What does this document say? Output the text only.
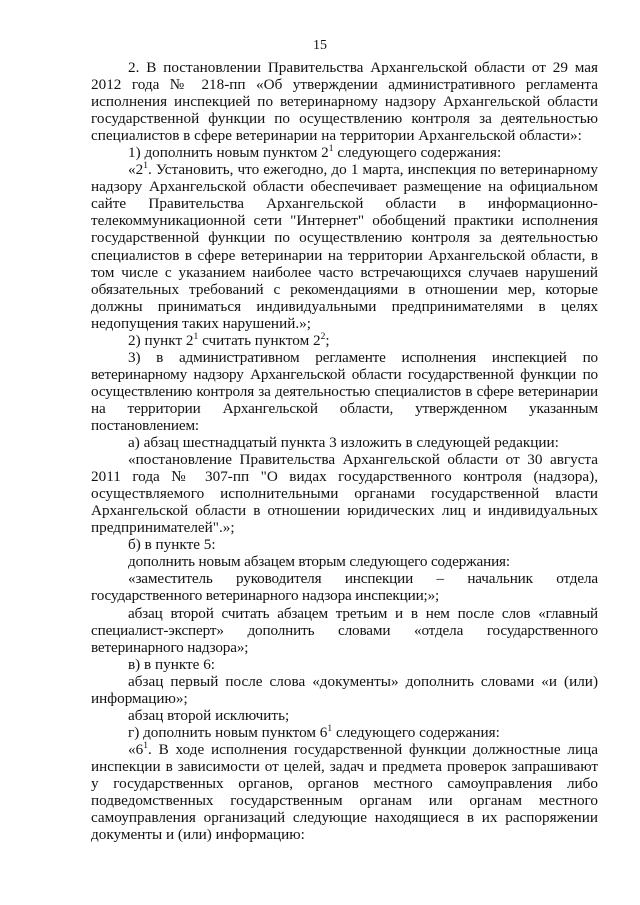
15

2. В постановлении Правительства Архангельской области от 29 мая 2012 года № 218-пп «Об утверждении административного регламента исполнения инспекцией по ветеринарному надзору Архангельской области государственной функции по осуществлению контроля за деятельностью специалистов в сфере ветеринарии на территории Архангельской области»:

1) дополнить новым пунктом $2^1$ следующего содержания:

«$2^1$. Установить, что ежегодно, до 1 марта, инспекция по ветеринарному надзору Архангельской области обеспечивает размещение на официальном сайте Правительства Архангельской области в информационно-телекоммуникационной сети "Интернет" обобщений практики исполнения государственной функции по осуществлению контроля за деятельностью специалистов в сфере ветеринарии на территории Архангельской области, в том числе с указанием наиболее часто встречающихся случаев нарушений обязательных требований с рекомендациями в отношении мер, которые должны приниматься индивидуальными предпринимателями в целях недопущения таких нарушений.»;

2) пункт $2^1$ считать пунктом $2^2$;

3) в административном регламенте исполнения инспекцией по ветеринарному надзору Архангельской области государственной функции по осуществлению контроля за деятельностью специалистов в сфере ветеринарии на территории Архангельской области, утвержденном указанным постановлением:

а) абзац шестнадцатый пункта 3 изложить в следующей редакции:

«постановление Правительства Архангельской области от 30 августа 2011 года № 307-пп "О видах государственного контроля (надзора), осуществляемого исполнительными органами государственной власти Архангельской области в отношении юридических лиц и индивидуальных предпринимателей".»;

б) в пункте 5:

дополнить новым абзацем вторым следующего содержания:

«заместитель руководителя инспекции – начальник отдела государственного ветеринарного надзора инспекции;»;

абзац второй считать абзацем третьим и в нем после слов «главный специалист-эксперт» дополнить словами «отдела государственного ветеринарного надзора»;

в) в пункте 6:

абзац первый после слова «документы» дополнить словами «и (или) информацию»;

абзац второй исключить;

г) дополнить новым пунктом $6^1$ следующего содержания:

«$6^1$. В ходе исполнения государственной функции должностные лица инспекции в зависимости от целей, задач и предмета проверок запрашивают у государственных органов, органов местного самоуправления либо подведомственных государственным органам или органам местного самоуправления организаций следующие находящиеся в их распоряжении документы и (или) информацию:
